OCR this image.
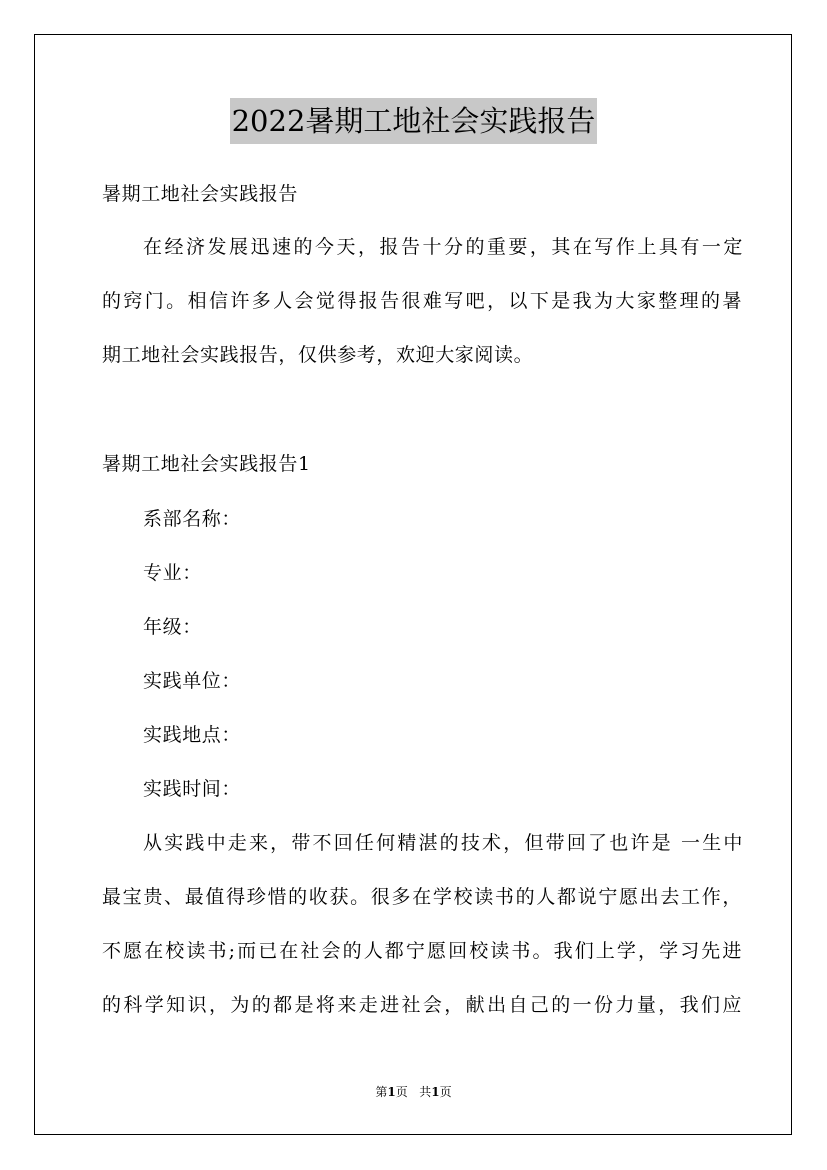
2022暑期工地社会实践报告
暑期工地社会实践报告
在经济发展迅速的今天，报告十分的重要，其在写作上具有一定
的窍门。相信许多人会觉得报告很难写吧，以下是我为大家整理的暑
期工地社会实践报告，仅供参考，欢迎大家阅读。
暑期工地社会实践报告1
系部名称：
专业：
年级：
实践单位：
实践地点：
实践时间：
从实践中走来，带不回任何精湛的技术，但带回了也许是 一生中
最宝贵、最值得珍惜的收获。很多在学校读书的人都说宁愿出去工作，
不愿在校读书;而已在社会的人都宁愿回校读书。我们上学，学习先进
的科学知识，为的都是将来走进社会，献出自己的一份力量，我们应
第1页 共1页
